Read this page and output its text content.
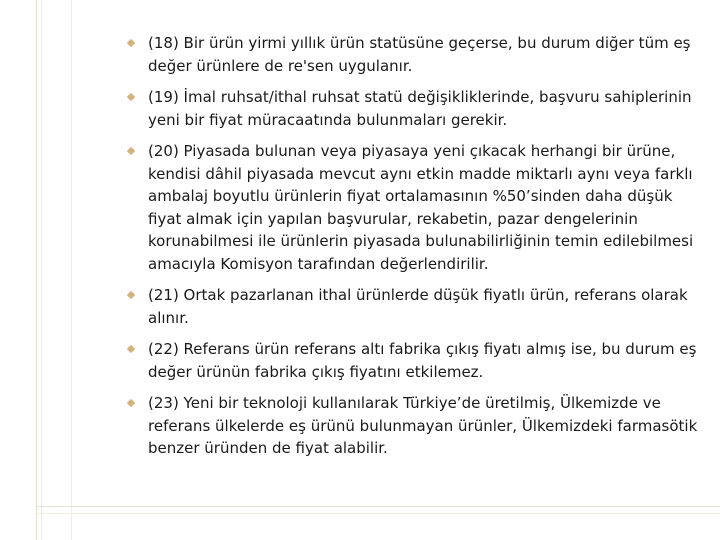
(18) Bir ürün yirmi yıllık ürün statüsüne geçerse, bu durum diğer tüm eş değer ürünlere de re'sen uygulanır.
(19) İmal ruhsat/ithal ruhsat statü değişikliklerinde, başvuru sahiplerinin yeni bir fiyat müracaatında bulunmaları gerekir.
(20) Piyasada bulunan veya piyasaya yeni çıkacak herhangi bir ürüne, kendisi dâhil piyasada mevcut aynı etkin madde miktarlı aynı veya farklı ambalaj boyutlu ürünlerin fiyat ortalamasının %50’sinden daha düşük fiyat almak için yapılan başvurular, rekabetin, pazar dengelerinin korunabilmesi ile ürünlerin piyasada bulunabilirliğinin temin edilebilmesi amacıyla Komisyon tarafından değerlendirilir.
(21) Ortak pazarlanan ithal ürünlerde düşük fiyatlı ürün, referans olarak alınır.
(22) Referans ürün referans altı fabrika çıkış fiyatı almış ise, bu durum eş değer ürünün fabrika çıkış fiyatını etkilemez.
(23) Yeni bir teknoloji kullanılarak Türkiye’de üretilmiş, Ülkemizde ve referans ülkelerde eş ürünü bulunmayan ürünler, Ülkemizdeki farmasötik benzer üründen de fiyat alabilir.
